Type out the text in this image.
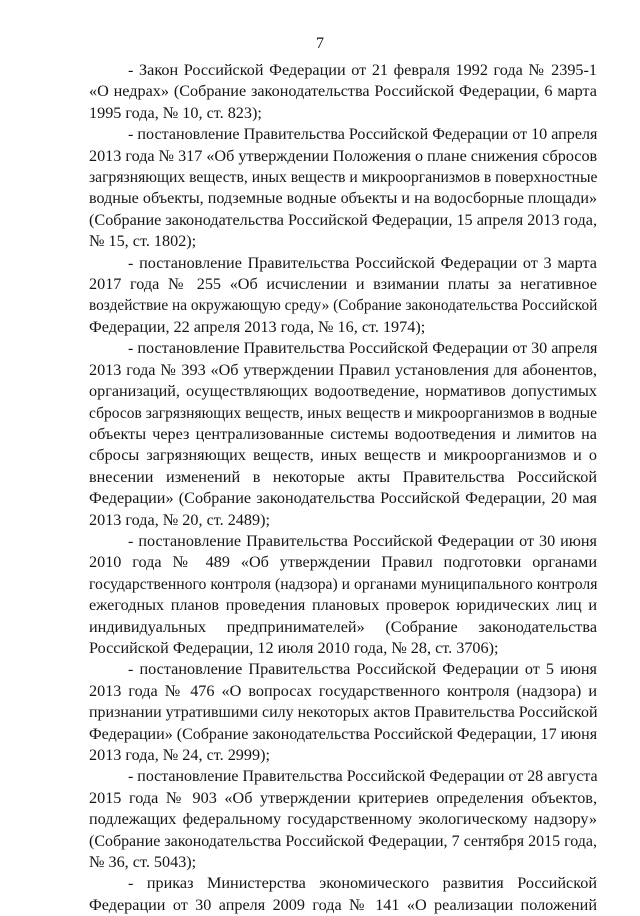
7

- Закон Российской Федерации от 21 февраля 1992 года № 2395-1
«О недрах» (Собрание законодательства Российской Федерации, 6 марта
1995 года, № 10, ст. 823);

- постановление Правительства Российской Федерации от 10 апреля
2013 года № 317 «Об утверждении Положения о плане снижения сбросов
загрязняющих веществ, иных веществ и микроорганизмов в поверхностные
водные объекты, подземные водные объекты и на водосборные площади»
(Собрание законодательства Российской Федерации, 15 апреля 2013 года,
№ 15, ст. 1802);

- постановление Правительства Российской Федерации от 3 марта
2017 года № 255 «Об исчислении и взимании платы за негативное
воздействие на окружающую среду» (Собрание законодательства Российской
Федерации, 22 апреля 2013 года, № 16, ст. 1974);

- постановление Правительства Российской Федерации от 30 апреля
2013 года № 393 «Об утверждении Правил установления для абонентов,
организаций, осуществляющих водоотведение, нормативов допустимых
сбросов загрязняющих веществ, иных веществ и микроорганизмов в водные
объекты через централизованные системы водоотведения и лимитов на
сбросы загрязняющих веществ, иных веществ и микроорганизмов и о
внесении изменений в некоторые акты Правительства Российской
Федерации» (Собрание законодательства Российской Федерации, 20 мая
2013 года, № 20, ст. 2489);

- постановление Правительства Российской Федерации от 30 июня
2010 года № 489 «Об утверждении Правил подготовки органами
государственного контроля (надзора) и органами муниципального контроля
ежегодных планов проведения плановых проверок юридических лиц и
индивидуальных предпринимателей» (Собрание законодательства
Российской Федерации, 12 июля 2010 года, № 28, ст. 3706);

- постановление Правительства Российской Федерации от 5 июня
2013 года № 476 «О вопросах государственного контроля (надзора) и
признании утратившими силу некоторых актов Правительства Российской
Федерации» (Собрание законодательства Российской Федерации, 17 июня
2013 года, № 24, ст. 2999);

- постановление Правительства Российской Федерации от 28 августа
2015 года № 903 «Об утверждении критериев определения объектов,
подлежащих федеральному государственному экологическому надзору»
(Собрание законодательства Российской Федерации, 7 сентября 2015 года,
№ 36, ст. 5043);

- приказ Министерства экономического развития Российской
Федерации от 30 апреля 2009 года № 141 «О реализации положений
